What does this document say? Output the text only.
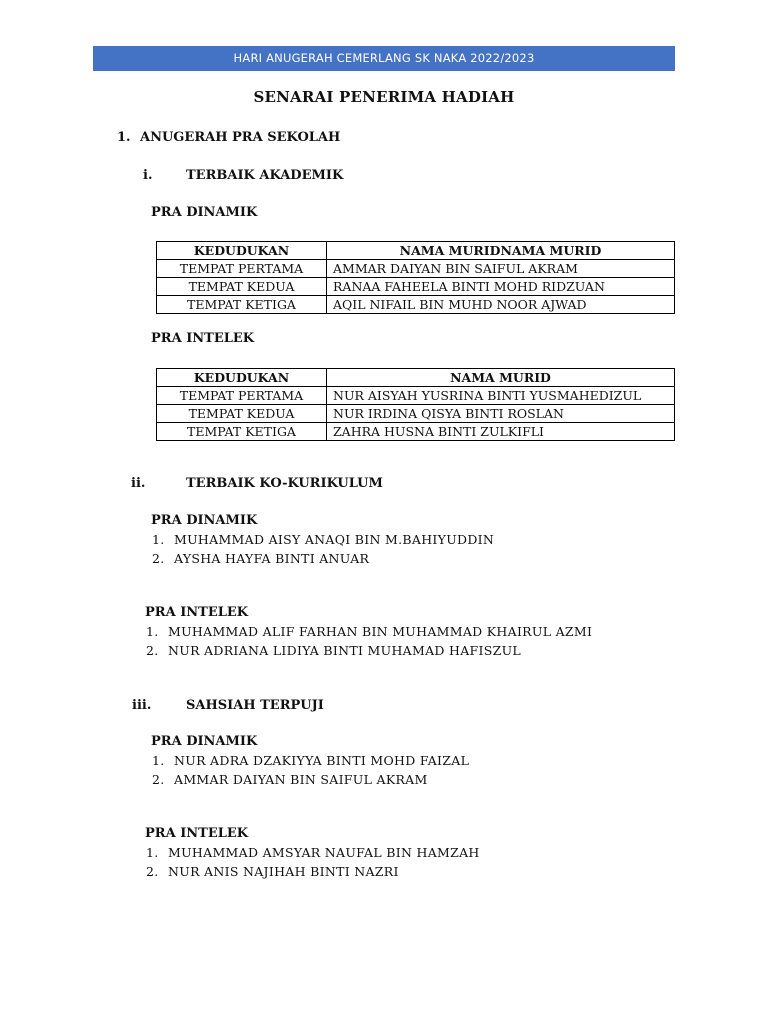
HARI ANUGERAH CEMERLANG SK NAKA 2022/2023
SENARAI PENERIMA HADIAH
1. ANUGERAH PRA SEKOLAH
i.	TERBAIK AKADEMIK
PRA DINAMIK
KEDUDUKAN	NAMA MURIDNAMA MURID
TEMPAT PERTAMA	AMMAR DAIYAN BIN SAIFUL AKRAM
TEMPAT KEDUA	RANAA FAHEELA BINTI MOHD RIDZUAN
TEMPAT KETIGA	AQIL NIFAIL BIN MUHD NOOR AJWAD
PRA INTELEK
KEDUDUKAN	NAMA MURID
TEMPAT PERTAMA	NUR AISYAH YUSRINA BINTI YUSMAHEDIZUL
TEMPAT KEDUA	NUR IRDINA QISYA BINTI ROSLAN
TEMPAT KETIGA	ZAHRA HUSNA BINTI ZULKIFLI
ii.	TERBAIK KO-KURIKULUM
PRA DINAMIK
1. MUHAMMAD AISY ANAQI BIN M.BAHIYUDDIN
2. AYSHA HAYFA BINTI ANUAR
PRA INTELEK
1. MUHAMMAD ALIF FARHAN BIN MUHAMMAD KHAIRUL AZMI
2. NUR ADRIANA LIDIYA BINTI MUHAMAD HAFISZUL
iii.	SAHSIAH TERPUJI
PRA DINAMIK
1. NUR ADRA DZAKIYYA BINTI MOHD FAIZAL
2. AMMAR DAIYAN BIN SAIFUL AKRAM
PRA INTELEK
1. MUHAMMAD AMSYAR NAUFAL BIN HAMZAH
2. NUR ANIS NAJIHAH BINTI NAZRI
